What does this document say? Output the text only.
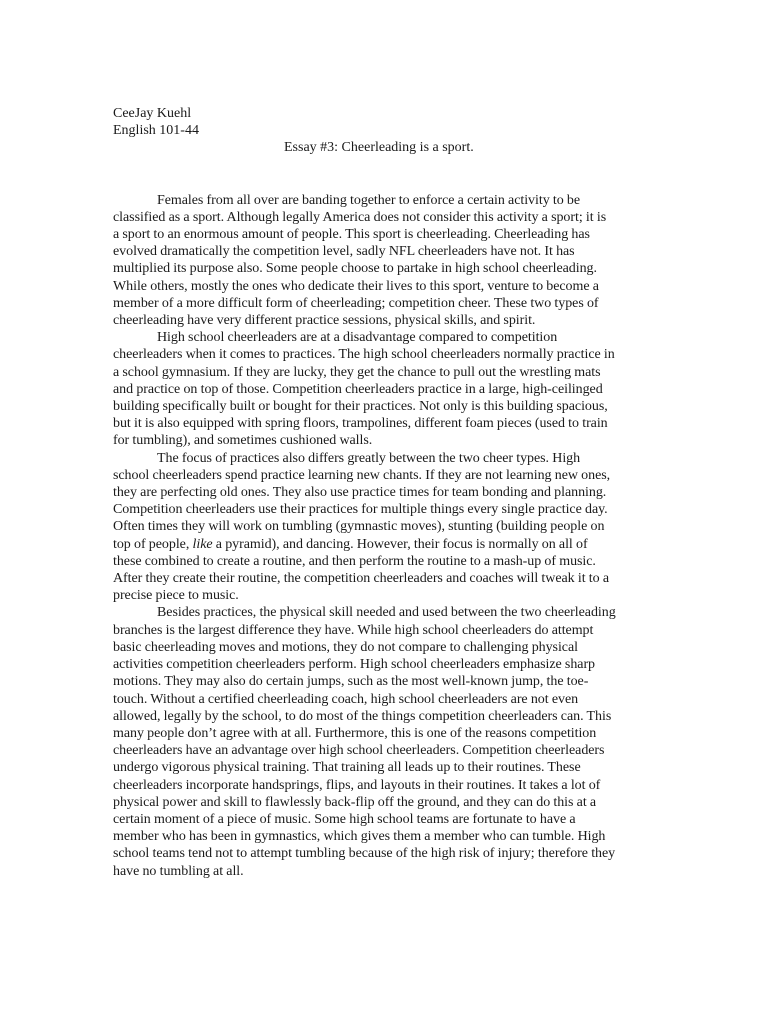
CeeJay Kuehl

English 101-44

Essay #3: Cheerleading is a sport.

Females from all over are banding together to enforce a certain activity to be
classified as a sport. Although legally America does not consider this activity a sport; it is
a sport to an enormous amount of people. This sport is cheerleading. Cheerleading has
evolved dramatically the competition level, sadly NFL cheerleaders have not. It has
multiplied its purpose also. Some people choose to partake in high school cheerleading.
While others, mostly the ones who dedicate their lives to this sport, venture to become a
member of a more difficult form of cheerleading; competition cheer. These two types of
cheerleading have very different practice sessions, physical skills, and spirit.

High school cheerleaders are at a disadvantage compared to competition
cheerleaders when it comes to practices. The high school cheerleaders normally practice in
a school gymnasium. If they are lucky, they get the chance to pull out the wrestling mats
and practice on top of those. Competition cheerleaders practice in a large, high-ceilinged
building specifically built or bought for their practices. Not only is this building spacious,
but it is also equipped with spring floors, trampolines, different foam pieces (used to train
for tumbling), and sometimes cushioned walls.

The focus of practices also differs greatly between the two cheer types. High
school cheerleaders spend practice learning new chants. If they are not learning new ones,
they are perfecting old ones. They also use practice times for team bonding and planning.
Competition cheerleaders use their practices for multiple things every single practice day.
Often times they will work on tumbling (gymnastic moves), stunting (building people on
top of people, like a pyramid), and dancing. However, their focus is normally on all of
these combined to create a routine, and then perform the routine to a mash-up of music.
After they create their routine, the competition cheerleaders and coaches will tweak it to a
precise piece to music.

Besides practices, the physical skill needed and used between the two cheerleading
branches is the largest difference they have. While high school cheerleaders do attempt
basic cheerleading moves and motions, they do not compare to challenging physical
activities competition cheerleaders perform. High school cheerleaders emphasize sharp
motions. They may also do certain jumps, such as the most well-known jump, the toe-
touch. Without a certified cheerleading coach, high school cheerleaders are not even
allowed, legally by the school, to do most of the things competition cheerleaders can. This
many people don’t agree with at all. Furthermore, this is one of the reasons competition
cheerleaders have an advantage over high school cheerleaders. Competition cheerleaders
undergo vigorous physical training. That training all leads up to their routines. These
cheerleaders incorporate handsprings, flips, and layouts in their routines. It takes a lot of
physical power and skill to flawlessly back-flip off the ground, and they can do this at a
certain moment of a piece of music. Some high school teams are fortunate to have a
member who has been in gymnastics, which gives them a member who can tumble. High
school teams tend not to attempt tumbling because of the high risk of injury; therefore they
have no tumbling at all.
